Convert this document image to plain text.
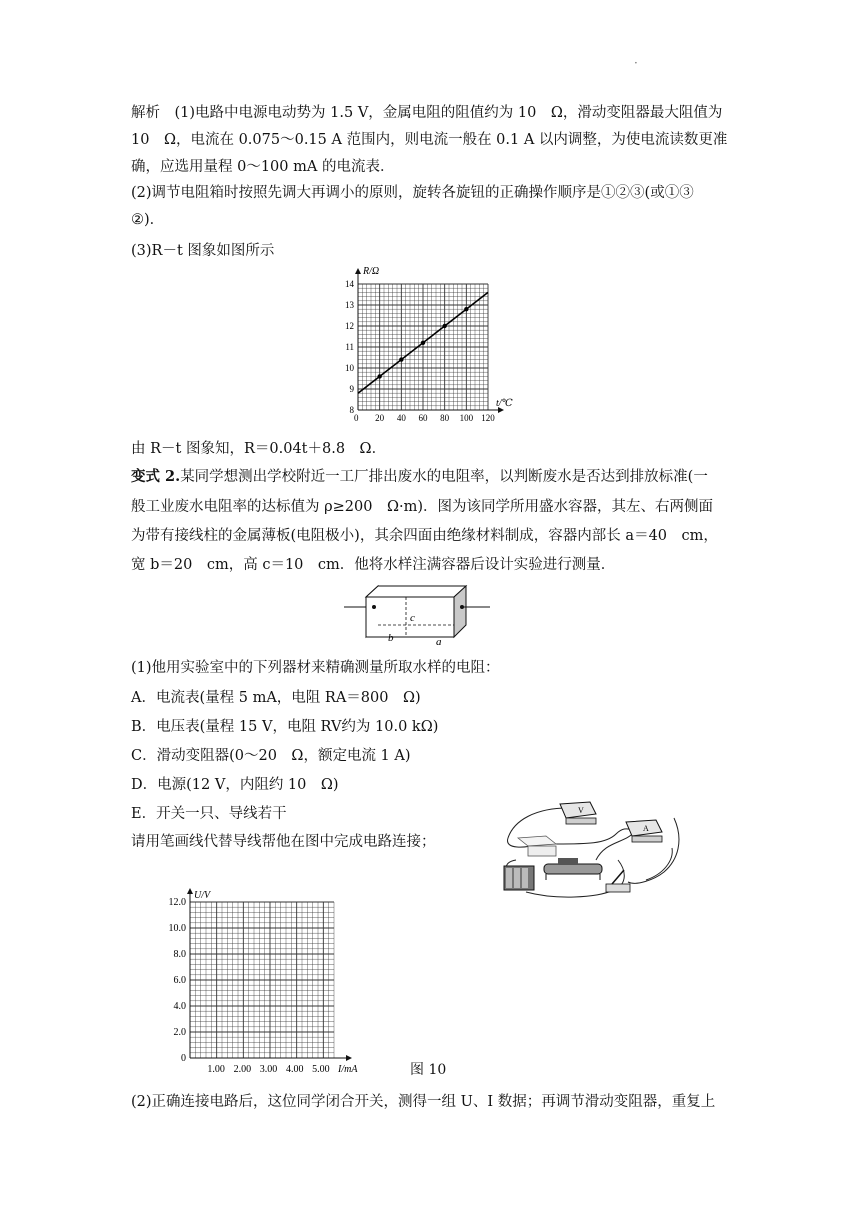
·
解析　(1)电路中电源电动势为 1.5 V，金属电阻的阻值约为 10　Ω，滑动变阻器最大阻值为
10　Ω，电流在 0.075～0.15 A 范围内，则电流一般在 0.1 A 以内调整，为使电流读数更准
确，应选用量程 0～100 mA 的电流表．
(2)调节电阻箱时按照先调大再调小的原则，旋转各旋钮的正确操作顺序是①②③(或①③
②)．
(3)R－t 图象如图所示
t/℃
R/Ω
0 20 40 60 80 100 120
8
9
10
11
12
13
14
由 R－t 图象知，R＝0.04t＋8.8　Ω．
变式 2.某同学想测出学校附近一工厂排出废水的电阻率，以判断废水是否达到排放标准(一
般工业废水电阻率的达标值为 ρ≥200　Ω·m)．图为该同学所用盛水容器，其左、右两侧面
为带有接线柱的金属薄板(电阻极小)，其余四面由绝缘材料制成，容器内部长 a＝40　cm，
宽 b＝20　cm，高 c＝10　cm．他将水样注满容器后设计实验进行测量．
c
b	a
(1)他用实验室中的下列器材来精确测量所取水样的电阻：
A．电流表(量程 5 mA，电阻 RA＝800　Ω)
B．电压表(量程 15 V，电阻 RV约为 10.0 kΩ)
C．滑动变阻器(0～20　Ω，额定电流 1 A)
D．电源(12 V，内阻约 10　Ω)
E．开关一只、导线若干
请用笔画线代替导线帮他在图中完成电路连接；
V
A
I/mA
U/V
0
1.00 2.00 3.00 4.00 5.00
2.0
4.0
6.0
8.0
10.0
12.0
图 10
(2)正确连接电路后，这位同学闭合开关，测得一组 U、I 数据；再调节滑动变阻器，重复上
